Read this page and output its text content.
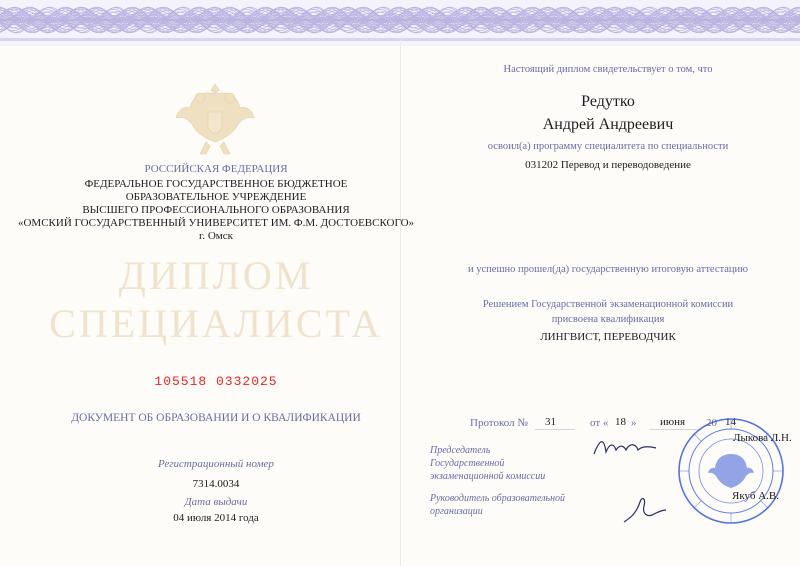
РОССИЙСКАЯ ФЕДЕРАЦИЯ
ФЕДЕРАЛЬНОЕ ГОСУДАРСТВЕННОЕ БЮДЖЕТНОЕ
ОБРАЗОВАТЕЛЬНОЕ УЧРЕЖДЕНИЕ
ВЫСШЕГО ПРОФЕССИОНАЛЬНОГО ОБРАЗОВАНИЯ
«ОМСКИЙ ГОСУДАРСТВЕННЫЙ УНИВЕРСИТЕТ ИМ. Ф.М. ДОСТОЕВСКОГО»
г. Омск
ДИПЛОМ
СПЕЦИАЛИСТА
105518 0332025
ДОКУМЕНТ ОБ ОБРАЗОВАНИИ И О КВАЛИФИКАЦИИ
Регистрационный номер
7314.0034
Дата выдачи
04 июля 2014 года
Настоящий диплом свидетельствует о том, что
Редутко
Андрей Андреевич
освоил(а) программу специалитета по специальности
031202 Перевод и переводоведение
и успешно прошел(да) государственную итоговую аттестацию
Решением Государственной экзаменационной комиссии
присвоена квалификация
ЛИНГВИСТ, ПЕРЕВОДЧИК
Протокол № 31	от « 18 » июня 20 14
Председатель
Государственной
экзаменационной комиссии
Лыкова Л.Н.
Руководитель образовательной
организации
Якуб А.В.
